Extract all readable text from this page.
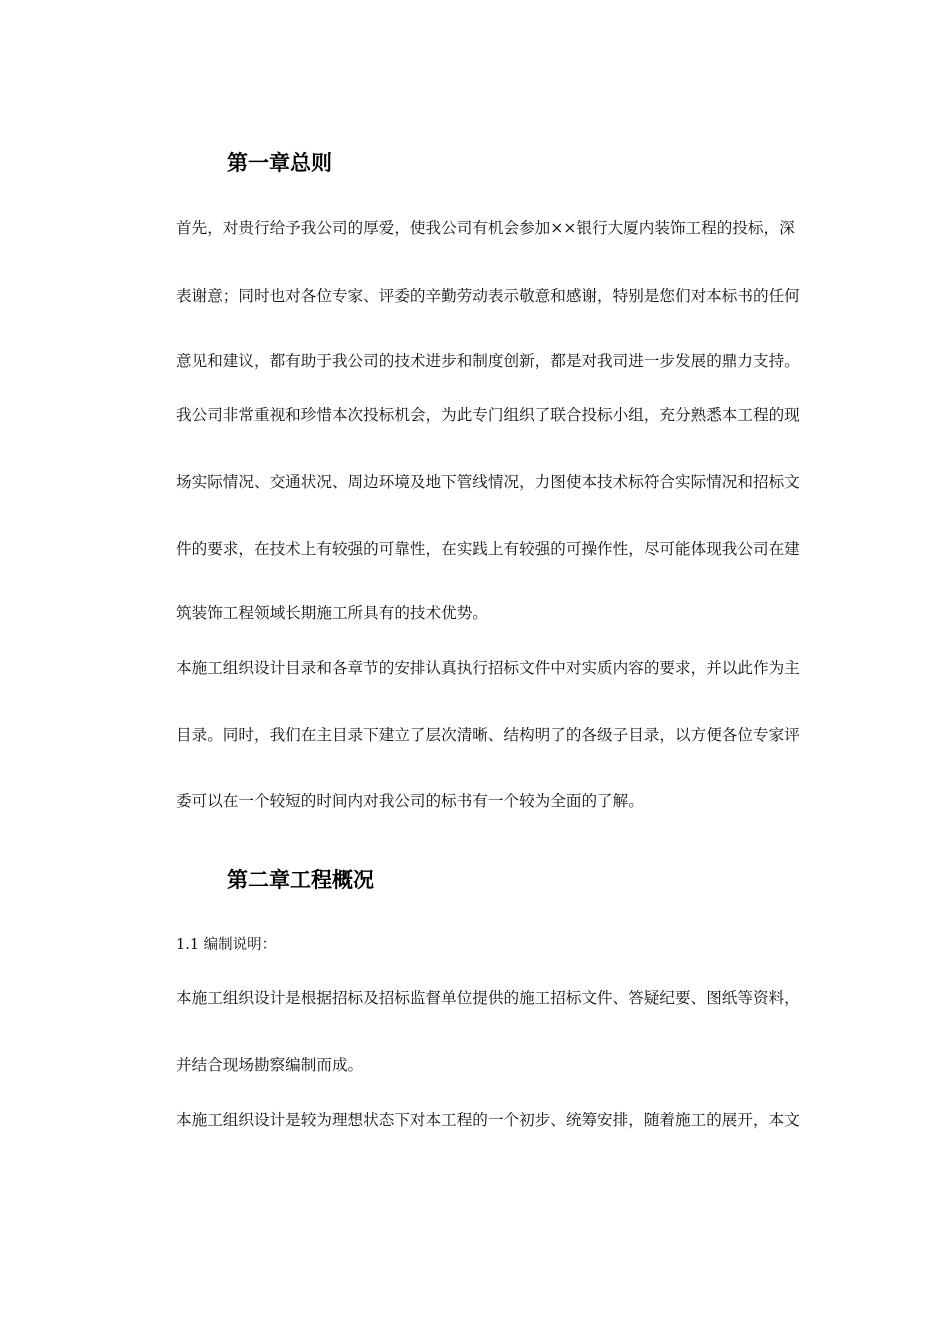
第一章总则
首先，对贵行给予我公司的厚爱，使我公司有机会参加××银行大厦内装饰工程的投标，深
表谢意；同时也对各位专家、评委的辛勤劳动表示敬意和感谢，特别是您们对本标书的任何
意见和建议，都有助于我公司的技术进步和制度创新，都是对我司进一步发展的鼎力支持。
我公司非常重视和珍惜本次投标机会，为此专门组织了联合投标小组，充分熟悉本工程的现
场实际情况、交通状况、周边环境及地下管线情况，力图使本技术标符合实际情况和招标文
件的要求，在技术上有较强的可靠性，在实践上有较强的可操作性，尽可能体现我公司在建
筑装饰工程领域长期施工所具有的技术优势。
本施工组织设计目录和各章节的安排认真执行招标文件中对实质内容的要求，并以此作为主
目录。同时，我们在主目录下建立了层次清晰、结构明了的各级子目录，以方便各位专家评
委可以在一个较短的时间内对我公司的标书有一个较为全面的了解。
第二章工程概况
1.1 编制说明：
本施工组织设计是根据招标及招标监督单位提供的施工招标文件、答疑纪要、图纸等资料，
并结合现场勘察编制而成。
本施工组织设计是较为理想状态下对本工程的一个初步、统筹安排，随着施工的展开，本文
